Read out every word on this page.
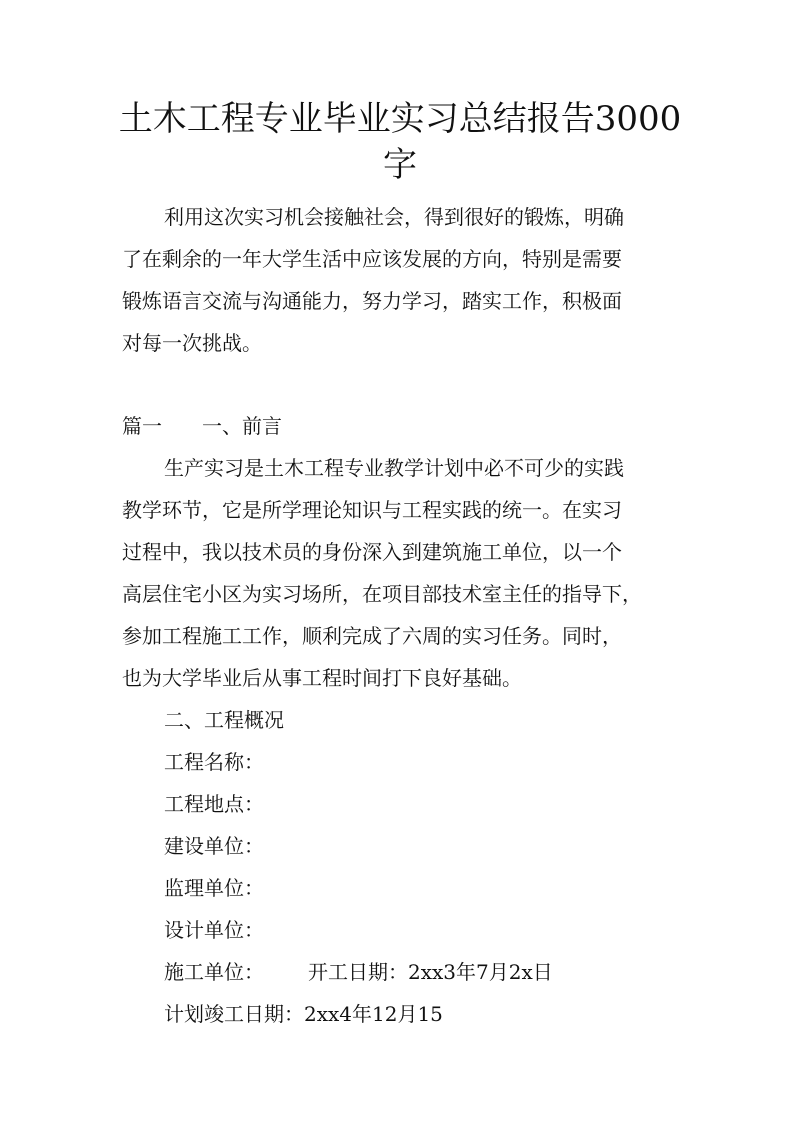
土木工程专业毕业实习总结报告3000
字
利用这次实习机会接触社会，得到很好的锻炼，明确
了在剩余的一年大学生活中应该发展的方向，特别是需要
锻炼语言交流与沟通能力，努力学习，踏实工作，积极面
对每一次挑战。
篇一 一、前言
生产实习是土木工程专业教学计划中必不可少的实践
教学环节，它是所学理论知识与工程实践的统一。在实习
过程中，我以技术员的身份深入到建筑施工单位，以一个
高层住宅小区为实习场所，在项目部技术室主任的指导下，
参加工程施工工作，顺利完成了六周的实习任务。同时，
也为大学毕业后从事工程时间打下良好基础。
二、工程概况
工程名称：
工程地点：
建设单位：
监理单位：
设计单位：
施工单位： 开工日期：2xx3年7月2x日
计划竣工日期：2xx4年12月15
